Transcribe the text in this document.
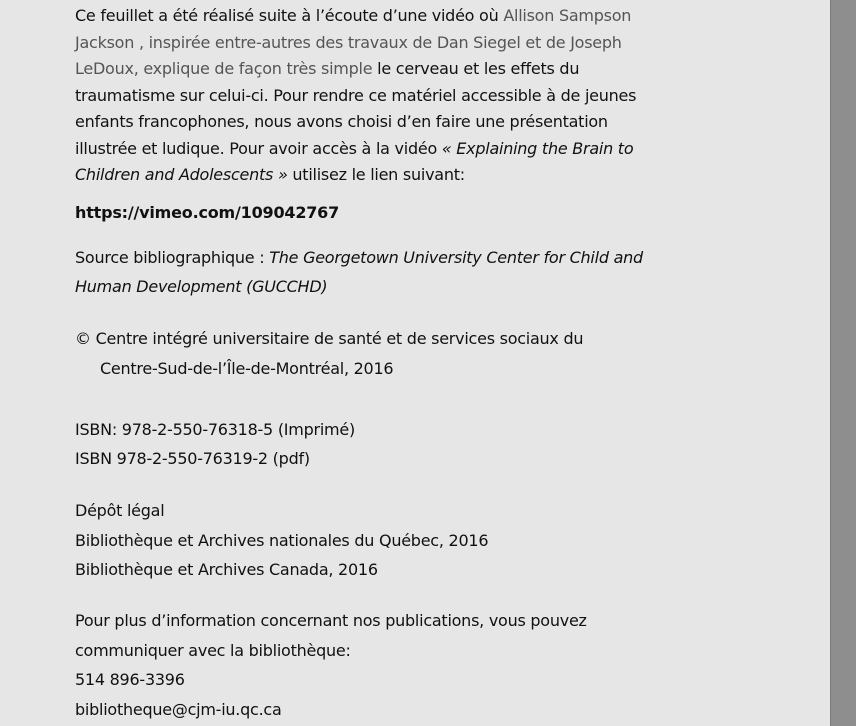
Ce feuillet a été réalisé suite à l’écoute d’une vidéo où Allison Sampson
Jackson , inspirée entre-autres des travaux de Dan Siegel et de Joseph
LeDoux, explique de façon très simple le cerveau et les effets du
traumatisme sur celui-ci. Pour rendre ce matériel accessible à de jeunes
enfants francophones, nous avons choisi d’en faire une présentation
illustrée et ludique. Pour avoir accès à la vidéo « Explaining the Brain to
Children and Adolescents » utilisez le lien suivant:
https://vimeo.com/109042767
Source bibliographique : The Georgetown University Center for Child and
Human Development (GUCCHD)
© Centre intégré universitaire de santé et de services sociaux du
Centre-Sud-de-l’Île-de-Montréal, 2016
ISBN: 978-2-550-76318-5 (Imprimé)
ISBN 978-2-550-76319-2 (pdf)
Dépôt légal
Bibliothèque et Archives nationales du Québec, 2016
Bibliothèque et Archives Canada, 2016
Pour plus d’information concernant nos publications, vous pouvez
communiquer avec la bibliothèque:
514 896-3396
bibliotheque@cjm-iu.qc.ca
